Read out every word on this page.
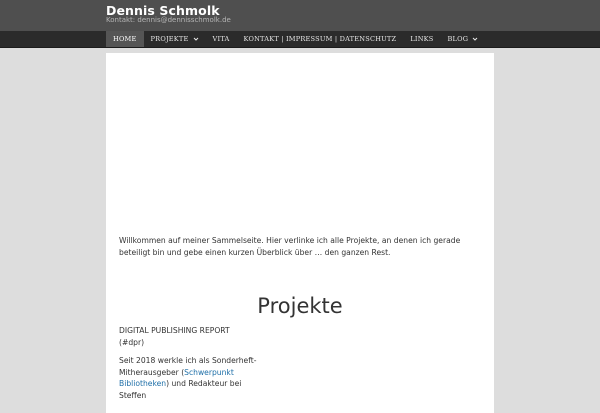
Dennis Schmolk
Kontakt: dennis@dennisschmolk.de
HOME PROJEKTE	VITA KONTAKT | IMPRESSUM | DATENSCHUTZ LINKS BLOG
Willkommen auf meiner Sammelseite. Hier verlinke ich alle Projekte, an denen ich gerade beteiligt bin und gebe einen kurzen Überblick über … den ganzen Rest.
Projekte
DIGITAL PUBLISHING REPORT
(#dpr)
Seit 2018 werkle ich als Sonderheft-Mitherausgeber (Schwerpunkt Bibliotheken) und Redakteur bei Steffen
